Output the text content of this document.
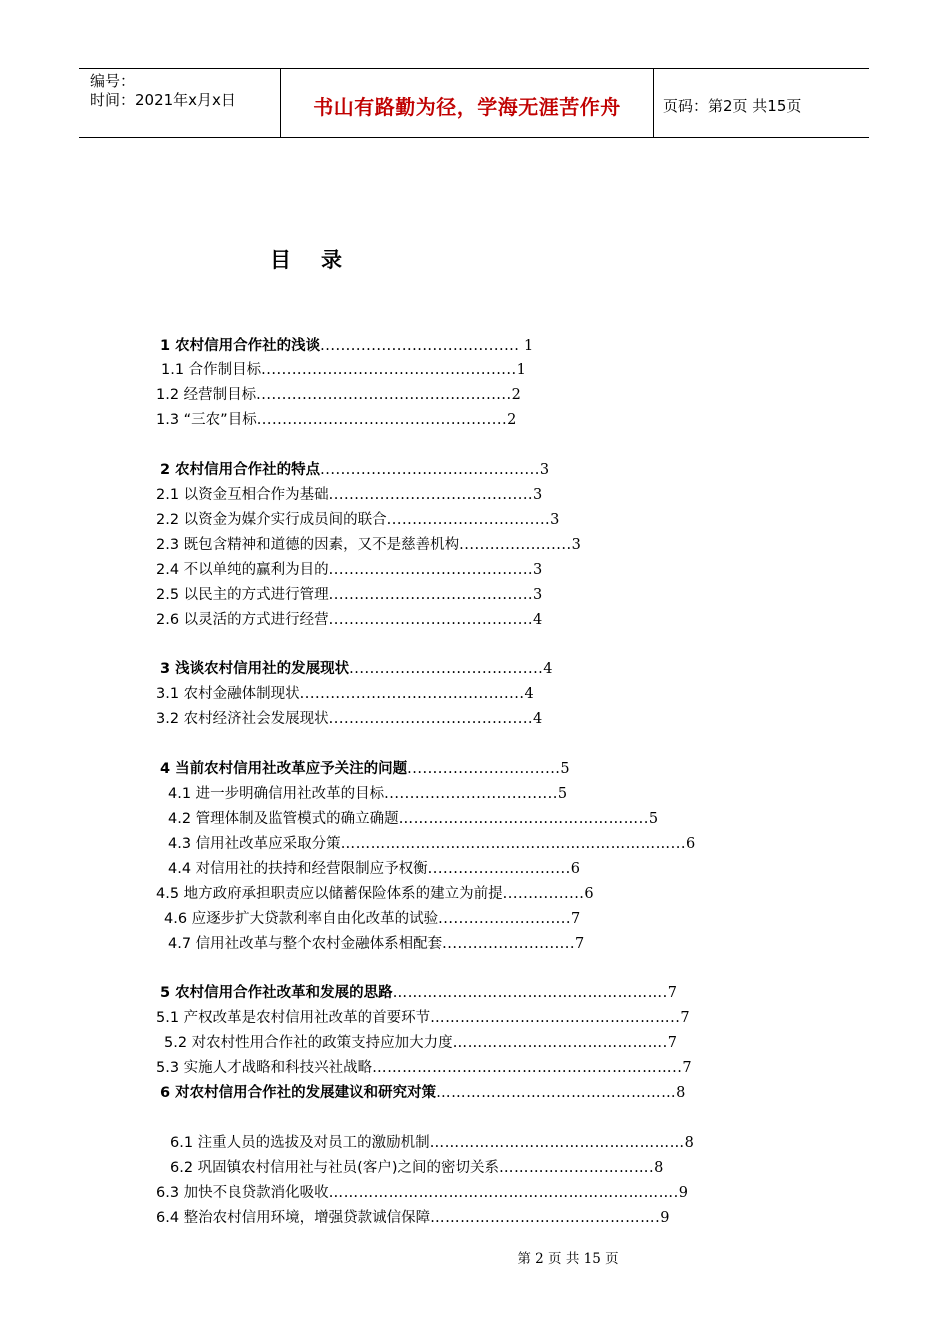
编号：
时间：2021年x月x日	书山有路勤为径，学海无涯苦作舟	页码：第2页 共15页
目录
1 农村信用合作社的浅谈....................................... 1
1.1 合作制目标..................................................1
1.2 经营制目标..................................................2
1.3 “三农”目标.................................................2
2 农村信用合作社的特点...........................................3
2.1 以资金互相合作为基础........................................3
2.2 以资金为媒介实行成员间的联合................................3
2.3 既包含精神和道德的因素，又不是慈善机构......................3
2.4 不以单纯的赢利为目的........................................3
2.5 以民主的方式进行管理........................................3
2.6 以灵活的方式进行经营........................................4
3 浅谈农村信用社的发展现状......................................4
3.1 农村金融体制现状............................................4
3.2 农村经济社会发展现状........................................4
4 当前农村信用社改革应予关注的问题..............................5
4.1 进一步明确信用社改革的目标..................................5
4.2 管理体制及监管模式的确立确题…………………………………………..5
4.3 信用社改革应采取分策…………………………………………………………...6
4.4 对信用社的扶持和经营限制应予权衡............................6
4.5 地方政府承担职责应以储蓄保险体系的建立为前提................6
4.6 应逐步扩大贷款利率自由化改革的试验..........................7
4.7 信用社改革与整个农村金融体系相配套..........................7
5 农村信用合作社改革和发展的思路……………………………………………….7
5.1 产权改革是农村信用社改革的首要环节…………………………………………..7
5.2 对农村性用合作社的政策支持应加大力度…………………………………….7
5.3 实施人才战略和科技兴社战略……………………………………………………..7
6 对农村信用合作社的发展建议和研究对策…………………………………………8
6.1 注重人员的选拔及对员工的激励机制……………………………………………8
6.2 巩固镇农村信用社与社员(客户)之间的密切关系………………………….8
6.3 加快不良贷款消化吸收…………………………………………………………….9
6.4 整治农村信用环境，增强贷款诚信保障……………………………………….9
第 2 页 共 15 页
